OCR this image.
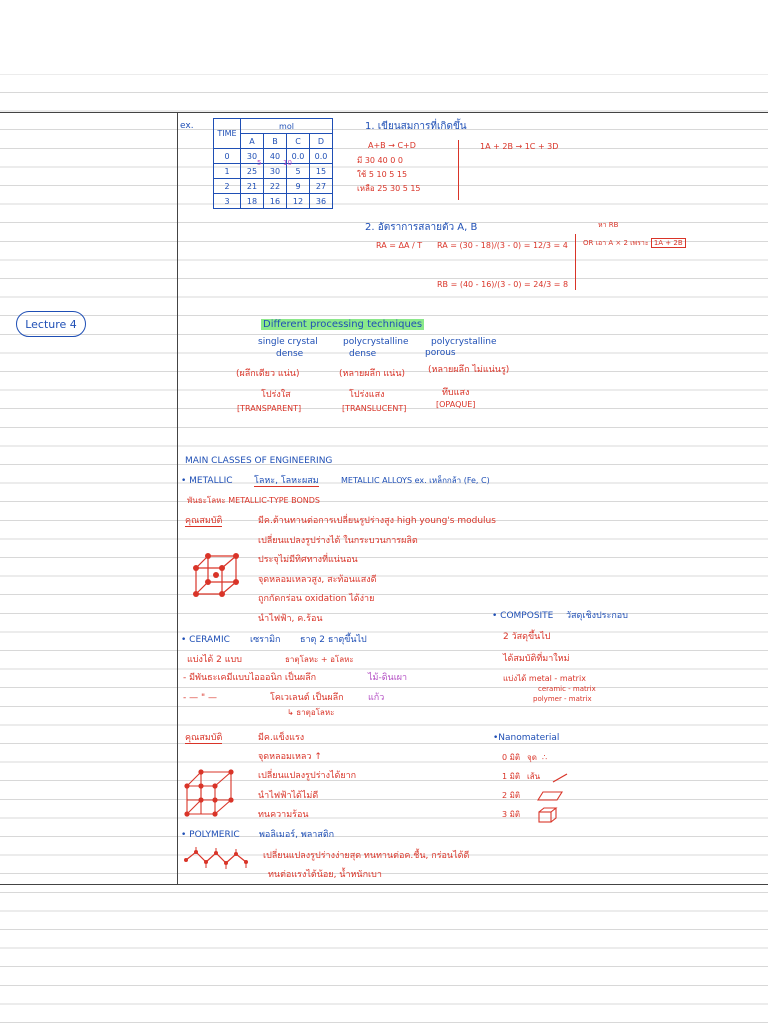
Lecture 4
ex.
TIME	mol			
	A	B	C	D
0	30	40	0.0	0.0
1	25	30	5	15
2	21	22	9	27
3	18	16	12	36
5	10
1. เขียนสมการที่เกิดขึ้น
A+B → C+D
มี 30 40 0 0
ใช้ 5 10 5 15
เหลือ 25 30 5 15
1A + 2B → 1C + 3D
2. อัตราการสลายตัว A, B
RA = ΔA / T RA = (30 - 18)/(3 - 0) = 12/3 = 4
RB = (40 - 16)/(3 - 0) = 24/3 = 8
หา RB
OR เอา A × 2 เพราะ 1A + 2B
Different processing techniques
single crystal
dense
(ผลึกเดียว แน่น)
โปร่งใส
[TRANSPARENT]
polycrystalline
dense
(หลายผลึก แน่น)
โปร่งแสง
[TRANSLUCENT]
polycrystalline
porous
(หลายผลึก ไม่แน่นรู)
ทึบแสง
[OPAQUE]
MAIN CLASSES OF ENGINEERING
• METALLIC โลหะ, โลหะผสม	METALLIC ALLOYS ex. เหล็กกล้า (Fe, C)
พันธะโลหะ METALLIC-TYPE BONDS
คุณสมบัติ	มีค.ต้านทานต่อการเปลี่ยนรูปร่างสูง high young's modulus
เปลี่ยนแปลงรูปร่างได้ ในกระบวนการผลิต
ประจุไม่มีทิศทางที่แน่นอน
จุดหลอมเหลวสูง, สะท้อนแสงดี
ถูกกัดกร่อน oxidation ได้ง่าย
นำไฟฟ้า, ค.ร้อน
• CERAMIC เซรามิก ธาตุ 2 ธาตุขึ้นไป
แบ่งได้ 2 แบบ	ธาตุโลหะ + อโลหะ
- มีพันธะเคมีแบบไอออนิก เป็นผลึก	ไม้-ดินเผา
- — " —	โคเวเลนต์ เป็นผลึก	แก้ว
↳ ธาตุอโลหะ
คุณสมบัติ	มีค.แข็งแรง
จุดหลอมเหลว ↑
เปลี่ยนแปลงรูปร่างได้ยาก
นำไฟฟ้าได้ไม่ดี
ทนความร้อน
• COMPOSITE วัสดุเชิงประกอบ
2 วัสดุขึ้นไป
ได้สมบัติที่มาใหม่
แบ่งได้ metal - matrix
ceramic - matrix
polymer - matrix
•Nanomaterial
0 มิติ จุด ∴
1 มิติ เส้น
2 มิติ
3 มิติ
• POLYMERIC พอลิเมอร์, พลาสติก
เปลี่ยนแปลงรูปร่างง่ายสุด ทนทานต่อค.ชื้น, กร่อนได้ดี
ทนต่อแรงได้น้อย, น้ำหนักเบา
